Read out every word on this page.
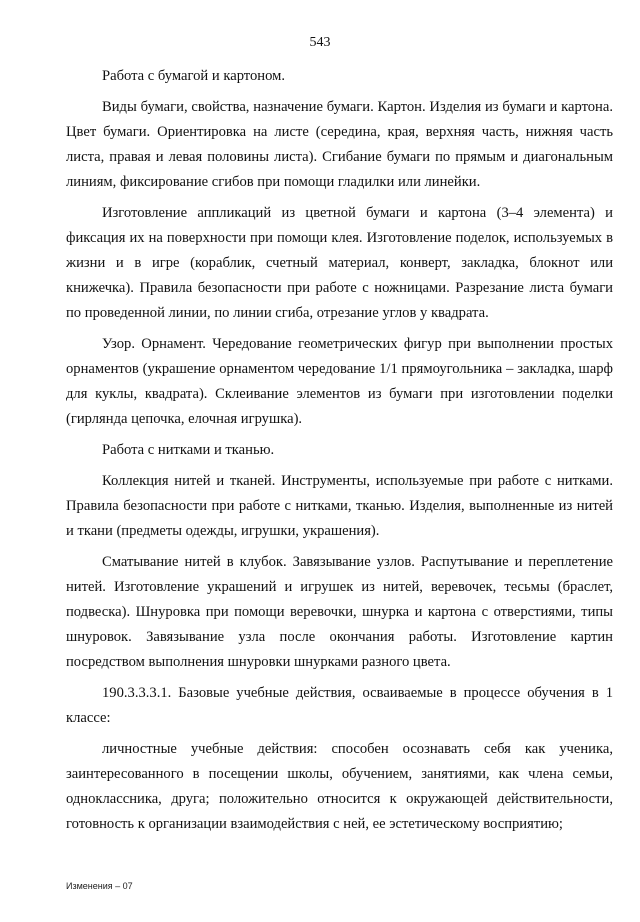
543

Работа с бумагой и картоном.

Виды бумаги, свойства, назначение бумаги. Картон. Изделия из бумаги и картона. Цвет бумаги. Ориентировка на листе (середина, края, верхняя часть, нижняя часть листа, правая и левая половины листа). Сгибание бумаги по прямым и диагональным линиям, фиксирование сгибов при помощи гладилки или линейки.

Изготовление аппликаций из цветной бумаги и картона (3–4 элемента) и фиксация их на поверхности при помощи клея. Изготовление поделок, используемых в жизни и в игре (кораблик, счетный материал, конверт, закладка, блокнот или книжечка). Правила безопасности при работе с ножницами. Разрезание листа бумаги по проведенной линии, по линии сгиба, отрезание углов у квадрата.

Узор. Орнамент. Чередование геометрических фигур при выполнении простых орнаментов (украшение орнаментом чередование 1/1 прямоугольника – закладка, шарф для куклы, квадрата). Склеивание элементов из бумаги при изготовлении поделки (гирлянда цепочка, елочная игрушка).

Работа с нитками и тканью.

Коллекция нитей и тканей. Инструменты, используемые при работе с нитками. Правила безопасности при работе с нитками, тканью. Изделия, выполненные из нитей и ткани (предметы одежды, игрушки, украшения).

Сматывание нитей в клубок. Завязывание узлов. Распутывание и переплетение нитей. Изготовление украшений и игрушек из нитей, веревочек, тесьмы (браслет, подвеска). Шнуровка при помощи веревочки, шнурка и картона с отверстиями, типы шнуровок. Завязывание узла после окончания работы. Изготовление картин посредством выполнения шнуровки шнурками разного цвета.

190.3.3.3.1. Базовые учебные действия, осваиваемые в процессе обучения в 1 классе:

личностные учебные действия: способен осознавать себя как ученика, заинтересованного в посещении школы, обучением, занятиями, как члена семьи, одноклассника, друга; положительно относится к окружающей действительности, готовность к организации взаимодействия с ней, ее эстетическому восприятию;

Изменения – 07
